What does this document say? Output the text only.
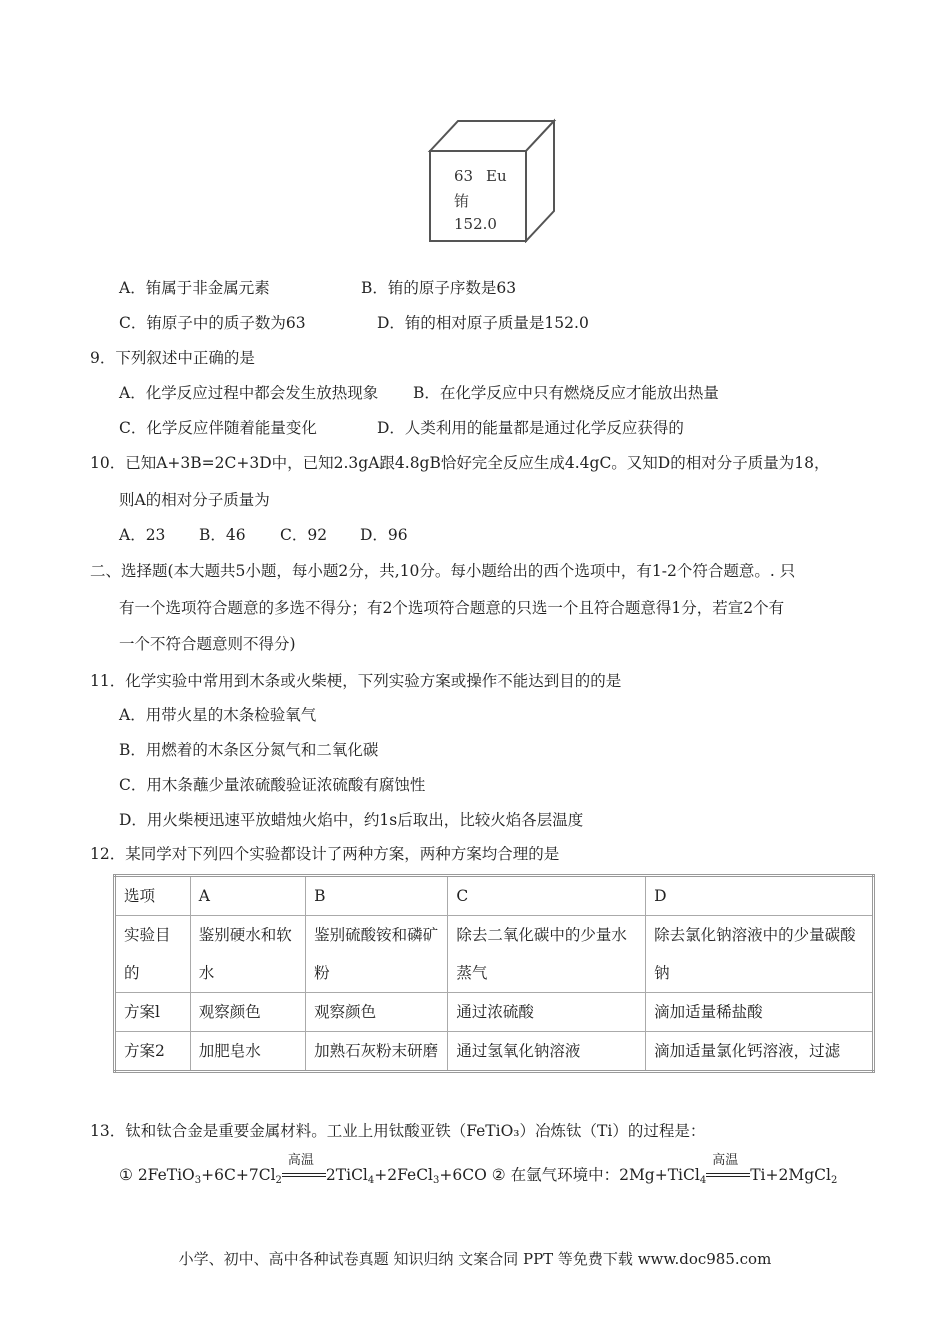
63 Eu
铕
152.0
A．铕属于非金属元素	B．铕的原子序数是63
C．铕原子中的质子数为63	D．铕的相对原子质量是152.0
9．下列叙述中正确的是
A．化学反应过程中都会发生放热现象 B．在化学反应中只有燃烧反应才能放出热量
C．化学反应伴随着能量变化	D．人类利用的能量都是通过化学反应获得的
10．已知A+3B=2C+3D中，已知2.3gA跟4.8gB恰好完全反应生成4.4gC。又知D的相对分子质量为18，
则A的相对分子质量为
A．23 B．46 C．92 D．96
二、选择题(本大题共5小题，每小题2分，共,10分。每小题给出的西个选项中，有1-2个符合题意。. 只
有一个选项符合题意的多选不得分；有2个选项符合题意的只选一个且符合题意得1分，若宣2个有
一个不符合题意则不得分)
11．化学实验中常用到木条或火柴梗，下列实验方案或操作不能达到目的的是
A．用带火星的木条检验氧气
B．用燃着的木条区分氮气和二氧化碳
C．用木条蘸少量浓硫酸验证浓硫酸有腐蚀性
D．用火柴梗迅速平放蜡烛火焰中，约1s后取出，比较火焰各层温度
12．某同学对下列四个实验都设计了两种方案，两种方案均合理的是
选项	A	B	C	D
实验目的	鉴别硬水和软水	鉴别硫酸铵和磷矿粉	除去二氧化碳中的少量水蒸气	除去氯化钠溶液中的少量碳酸钠
方案l	观察颜色	观察颜色	通过浓硫酸	滴加适量稀盐酸
方案2	加肥皂水	加熟石灰粉末研磨	通过氢氧化钠溶液	滴加适量氯化钙溶液，过滤
13．钛和钛合金是重要金属材料。工业上用钛酸亚铁（FeTiO₃）冶炼钛（Ti）的过程是：
① $2FeTiO_3+6C+7Cl_2$
高温
2TiCl$_4$+2FeCl$_3$+6CO ② 在氩气环境中：2Mg+TiCl$_4$
高温
Ti+2MgCl$_2$
小学、初中、高中各种试卷真题 知识归纳 文案合同 PPT 等免费下载 www.doc985.com
